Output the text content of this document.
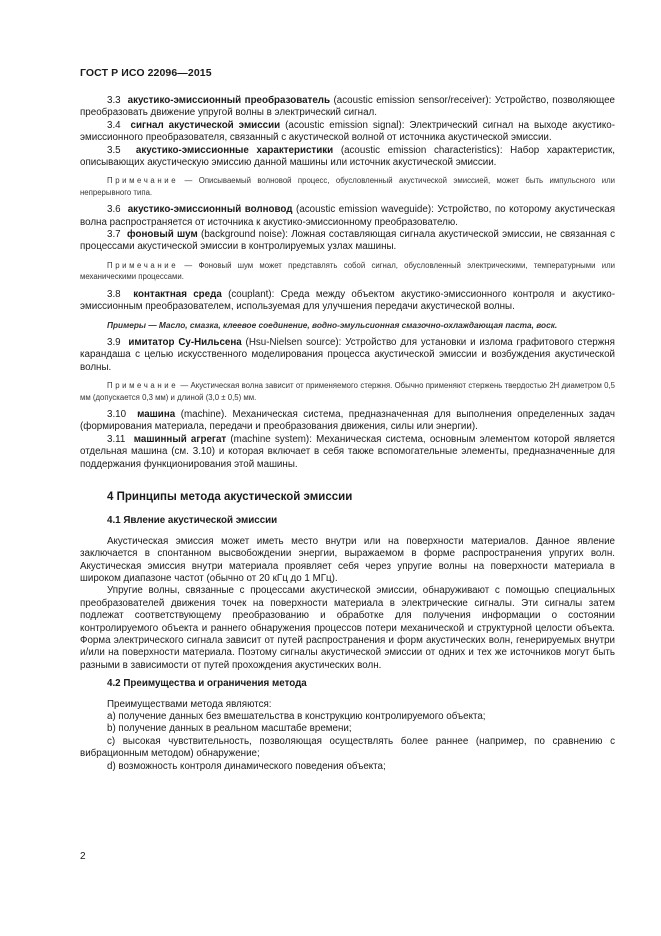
ГОСТ Р ИСО 22096—2015

3.3 акустико-эмиссионный преобразователь (acoustic emission sensor/receiver): Устройство, позволяющее преобразовать движение упругой волны в электрический сигнал.

3.4 сигнал акустической эмиссии (acoustic emission signal): Электрический сигнал на выходе акустико-эмиссионного преобразователя, связанный с акустической волной от источника акустической эмиссии.

3.5 акустико-эмиссионные характеристики (acoustic emission characteristics): Набор характеристик, описывающих акустическую эмиссию данной машины или источник акустической эмиссии.

Примечание — Описываемый волновой процесс, обусловленный акустической эмиссией, может быть импульсного или непрерывного типа.

3.6 акустико-эмиссионный волновод (acoustic emission waveguide): Устройство, по которому акустическая волна распространяется от источника к акустико-эмиссионному преобразователю.

3.7 фоновый шум (background noise): Ложная составляющая сигнала акустической эмиссии, не связанная с процессами акустической эмиссии в контролируемых узлах машины.

Примечание — Фоновый шум может представлять собой сигнал, обусловленный электрическими, температурными или механическими процессами.

3.8 контактная среда (couplant): Среда между объектом акустико-эмиссионного контроля и акустико-эмиссионным преобразователем, используемая для улучшения передачи акустической волны.

Примеры — Масло, смазка, клеевое соединение, водно-эмульсионная смазочно-охлаждающая паста, воск.

3.9 имитатор Су-Нильсена (Hsu-Nielsen source): Устройство для установки и излома графитового стержня карандаша с целью искусственного моделирования процесса акустической эмиссии и возбуждения акустической волны.

Примечание — Акустическая волна зависит от применяемого стержня. Обычно применяют стержень твердостью 2H диаметром 0,5 мм (допускается 0,3 мм) и длиной (3,0 ± 0,5) мм.

3.10 машина (machine). Механическая система, предназначенная для выполнения определенных задач (формирования материала, передачи и преобразования движения, силы или энергии).

3.11 машинный агрегат (machine system): Механическая система, основным элементом которой является отдельная машина (см. 3.10) и которая включает в себя также вспомогательные элементы, предназначенные для поддержания функционирования этой машины.

4 Принципы метода акустической эмиссии
4.1 Явление акустической эмиссии

Акустическая эмиссия может иметь место внутри или на поверхности материалов. Данное явление заключается в спонтанном высвобождении энергии, выражаемом в форме распространения упругих волн. Акустическая эмиссия внутри материала проявляет себя через упругие волны на поверхности материала в широком диапазоне частот (обычно от 20 кГц до 1 МГц).

Упругие волны, связанные с процессами акустической эмиссии, обнаруживают с помощью специальных преобразователей движения точек на поверхности материала в электрические сигналы. Эти сигналы затем подлежат соответствующему преобразованию и обработке для получения информации о состоянии контролируемого объекта и раннего обнаружения процессов потери механической и структурной целости объекта. Форма электрического сигнала зависит от путей распространения и форм акустических волн, генерируемых внутри и/или на поверхности материала. Поэтому сигналы акустической эмиссии от одних и тех же источников могут быть разными в зависимости от путей прохождения акустических волн.

4.2 Преимущества и ограничения метода

Преимуществами метода являются:

a) получение данных без вмешательства в конструкцию контролируемого объекта;

b) получение данных в реальном масштабе времени;

c) высокая чувствительность, позволяющая осуществлять более раннее (например, по сравнению с вибрационным методом) обнаружение;

d) возможность контроля динамического поведения объекта;

2
